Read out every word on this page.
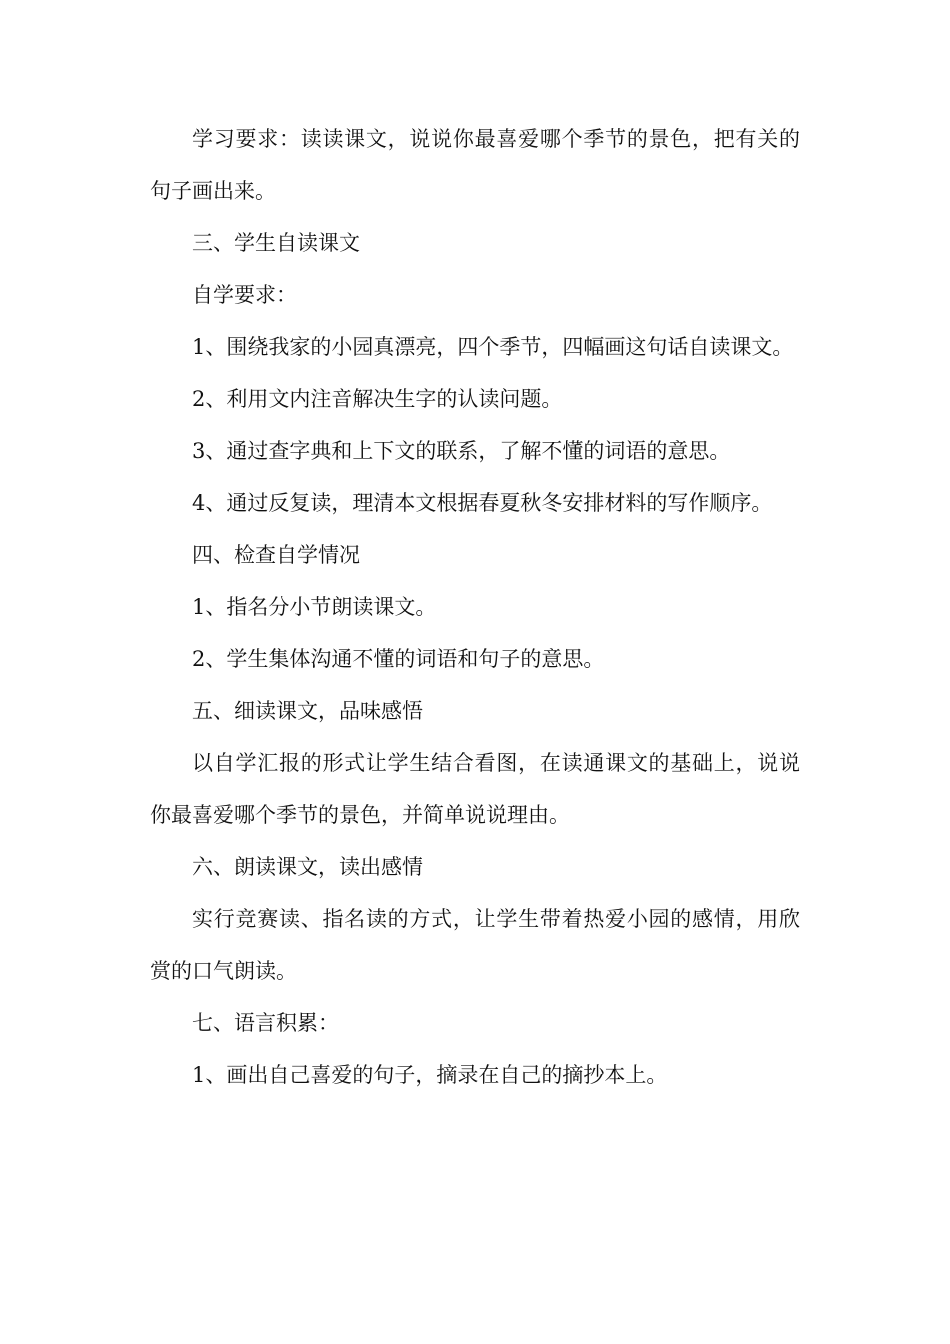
学习要求：读读课文，说说你最喜爱哪个季节的景色，把有关的句子画出来。

三、学生自读课文

自学要求：

1、围绕我家的小园真漂亮，四个季节，四幅画这句话自读课文。

2、利用文内注音解决生字的认读问题。

3、通过查字典和上下文的联系，了解不懂的词语的意思。

4、通过反复读，理清本文根据春夏秋冬安排材料的写作顺序。

四、检查自学情况

1、指名分小节朗读课文。

2、学生集体沟通不懂的词语和句子的意思。

五、细读课文，品味感悟

以自学汇报的形式让学生结合看图，在读通课文的基础上，说说你最喜爱哪个季节的景色，并简单说说理由。

六、朗读课文，读出感情

实行竞赛读、指名读的方式，让学生带着热爱小园的感情，用欣赏的口气朗读。

七、语言积累：

1、画出自己喜爱的句子，摘录在自己的摘抄本上。
